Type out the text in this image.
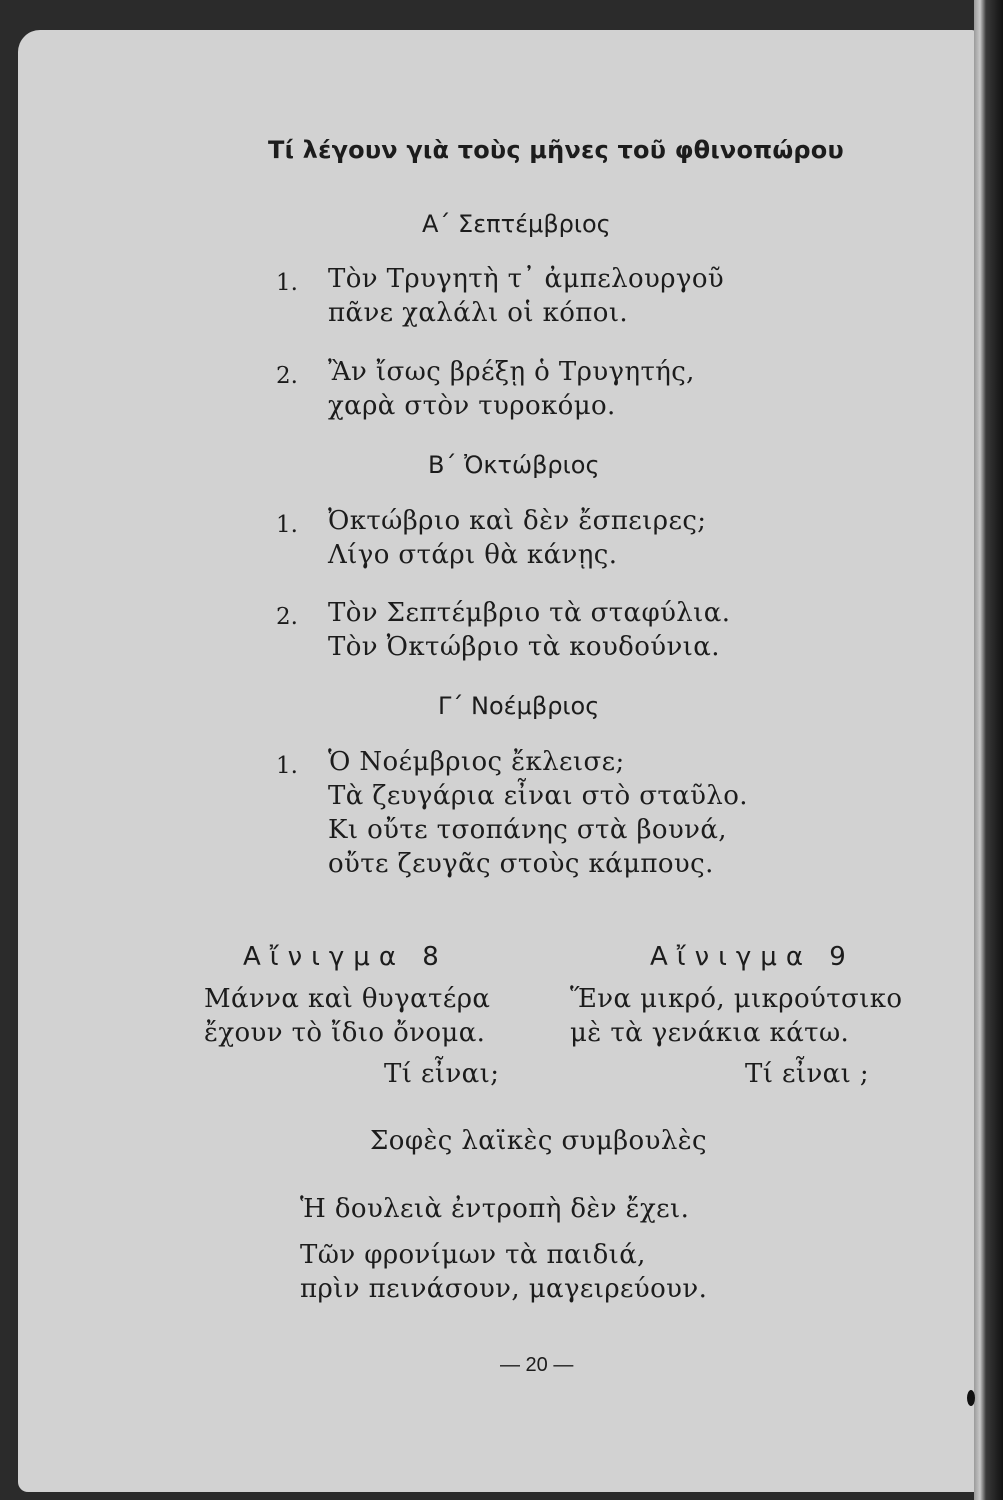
Τί λέγουν γιὰ τοὺς μῆνες τοῦ φθινοπώρου
Α΄ Σεπτέμβριος
1. Τὸν Τρυγητὴ τ᾽ ἀμπελουργοῦ
πᾶνε χαλάλι οἱ κόποι.
2. Ἂν ἴσως βρέξῃ ὁ Τρυγητής,
χαρὰ στὸν τυροκόμο.
Β΄ Ὀκτώβριος
1. Ὀκτώβριο καὶ δὲν ἔσπειρες;
Λίγο στάρι θὰ κάνῃς.
2. Τὸν Σεπτέμβριο τὰ σταφύλια.
Τὸν Ὀκτώβριο τὰ κουδούνια.
Γ΄ Νοέμβριος
1. Ὁ Νοέμβριος ἔκλεισε;
Τὰ ζευγάρια εἶναι στὸ σταῦλο.
Κι οὔτε τσοπάνης στὰ βουνά,
οὔτε ζευγᾶς στοὺς κάμπους.
Αἴνιγμα 8
Μάννα καὶ θυγατέρα
ἔχουν τὸ ἴδιο ὄνομα.
Τί εἶναι;
Αἴνιγμα 9
Ἕνα μικρό, μικρούτσικο
μὲ τὰ γενάκια κάτω.
Τί εἶναι ;
Σοφὲς λαϊκὲς συμβουλὲς
Ἡ δουλειὰ ἐντροπὴ δὲν ἔχει.
Τῶν φρονίμων τὰ παιδιά,
πρὶν πεινάσουν, μαγειρεύουν.
— 20 —
